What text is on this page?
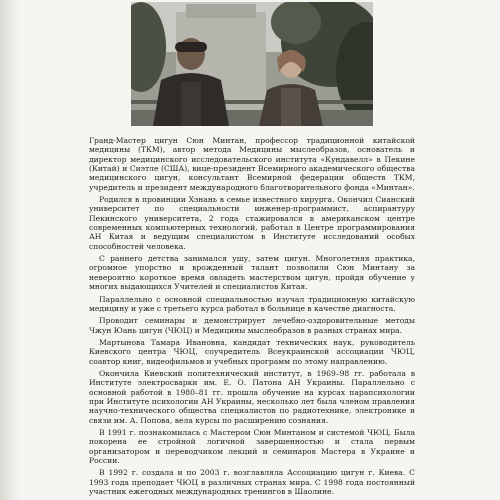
Гранд-Мастер цигун Сюн Минтан, профессор традиционной китайской медицины (ТКМ), автор метода Медицины мыслеобразов, основатель и директор медицинского исследовательского института «Кундавелл» в Пекине (Китай) и Сиэтле (США), вице-президент Всемирного академического общества медицинского цигун, консультант Всемирной федерации обществ ТКМ, учредитель и президент международного благотворительного фонда «Минтан».

Родился в провинции Хэнань в семье известного хирурга. Окончил Сианский университет по специальности инженер-программист, аспирантуру Пекинского университета, 2 года стажировался в американском центре современных компьютерных технологий, работал в Центре программирования АН Китая и ведущим специалистом в Институте исследований особых способностей человека.

С раннего детства занимался ушу, затем цигун. Многолетняя практика, огромное упорство и врожденный талант позволили Сюн Минтану за невероятно короткое время овладеть мастерством цигун, пройдя обучение у многих выдающихся Учителей и специалистов Китая.

Параллельно с основной специальностью изучал традиционную китайскую медицину и уже с третьего курса работал в больнице в качестве диагноста.

Проводит семинары и демонстрирует лечебно-оздоровительные методы Чжун Юань цигун (ЧЮЦ) и Медицины мыслеобразов в разных странах мира.

Мартынова Тамара Ивановна, кандидат технических наук, руководитель Киевского центра ЧЮЦ, соучредитель Всеукраинской ассоциации ЧЮЦ, соавтор книг, видеофильмов и учебных программ по этому направлению.

Окончила Киевский политехнический институт, в 1969–98 гг. работала в Институте электросварки им. Е. О. Патона АН Украины. Параллельно с основной работой в 1980–81 гг. прошла обучение на курсах парапсихологии при Институте психологии АН Украины, несколько лет была членом правления научно-технического общества специалистов по радиотехнике, электронике и связи им. А. Попова, вела курсы по расширению сознания.

В 1991 г. познакомилась с Мастером Сюн Минтаном и системой ЧЮЦ. Была покорена ее стройной логичной завершенностью и стала первым организатором и переводчиком лекций и семинаров Мастера в Украине и России.

В 1992 г. создала и по 2003 г. возглавляла Ассоциацию цигун г. Киева. С 1993 года преподает ЧЮЦ в различных странах мира. С 1998 года постоянный участник ежегодных международных тренингов в Шаолине.
